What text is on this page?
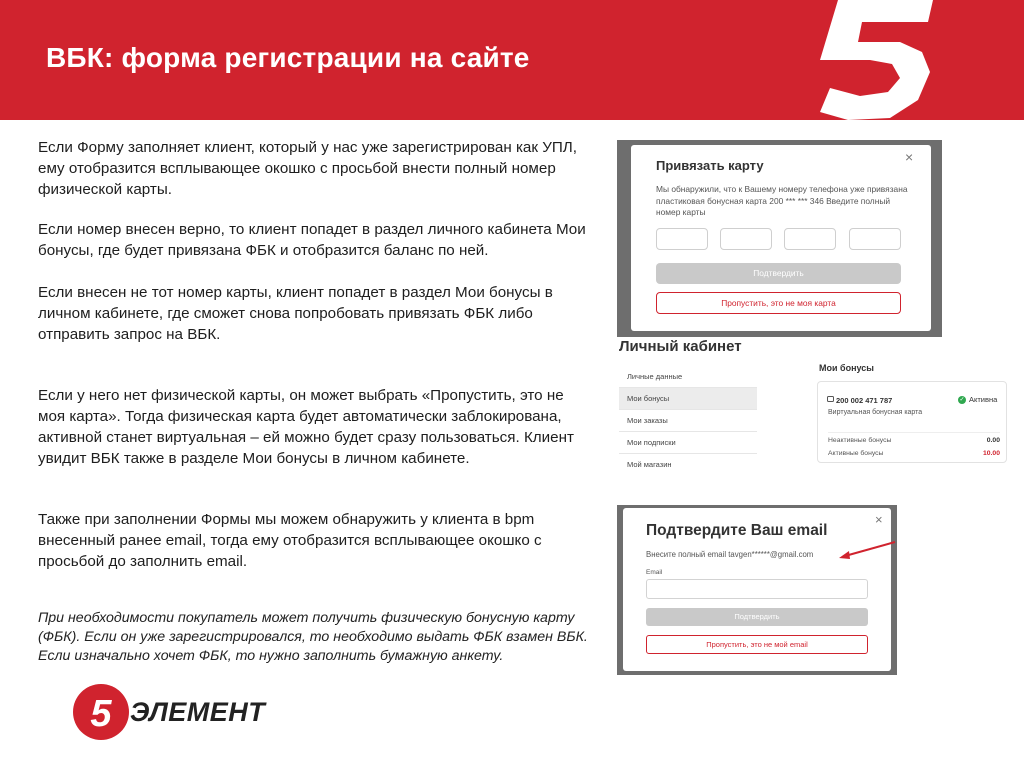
ВБК: форма регистрации на сайте

Если Форму заполняет клиент, который у нас уже зарегистрирован как УПЛ, ему отобразится всплывающее окошко с просьбой внести полный номер физической карты.

Если номер внесен верно, то клиент попадет в раздел личного кабинета Мои бонусы, где будет привязана ФБК и отобразится баланс по ней.

Если внесен не тот номер карты, клиент попадет в раздел Мои бонусы в личном кабинете, где сможет снова попробовать привязать ФБК либо отправить запрос на ВБК.

Если у него нет физической карты, он может выбрать «Пропустить, это не моя карта». Тогда физическая карта будет автоматически заблокирована, активной станет виртуальная – ей можно будет сразу пользоваться. Клиент увидит ВБК также в разделе Мои бонусы в личном кабинете.

Также при заполнении Формы мы можем обнаружить у клиента в bpm внесенный ранее email, тогда ему отобразится всплывающее окошко с просьбой до заполнить email.

При необходимости покупатель может получить физическую бонусную карту (ФБК). Если он уже зарегистрировался, то необходимо выдать ФБК взамен ВБК. Если изначально хочет ФБК, то нужно заполнить бумажную анкету.

Привязать карту
×
Мы обнаружили, что к Вашему номеру телефона уже привязана пластиковая бонусная карта 200 *** *** 346 Введите полный номер карты
Подтвердить
Пропустить, это не моя карта
Личный кабинет
Личные данные
Мои бонусы
Мои заказы
Мои подписки
Мой магазин
Мои бонусы
200 002 471 787
Виртуальная бонусная карта
✓ Активна
Неактивные бонусы	0.00
Активные бонусы	10.00
Подтвердите Ваш email
×
Внесите полный email tavgen******@gmail.com
Email
Подтвердить
Пропустить, это не мой email
5 ЭЛЕМЕНТ
